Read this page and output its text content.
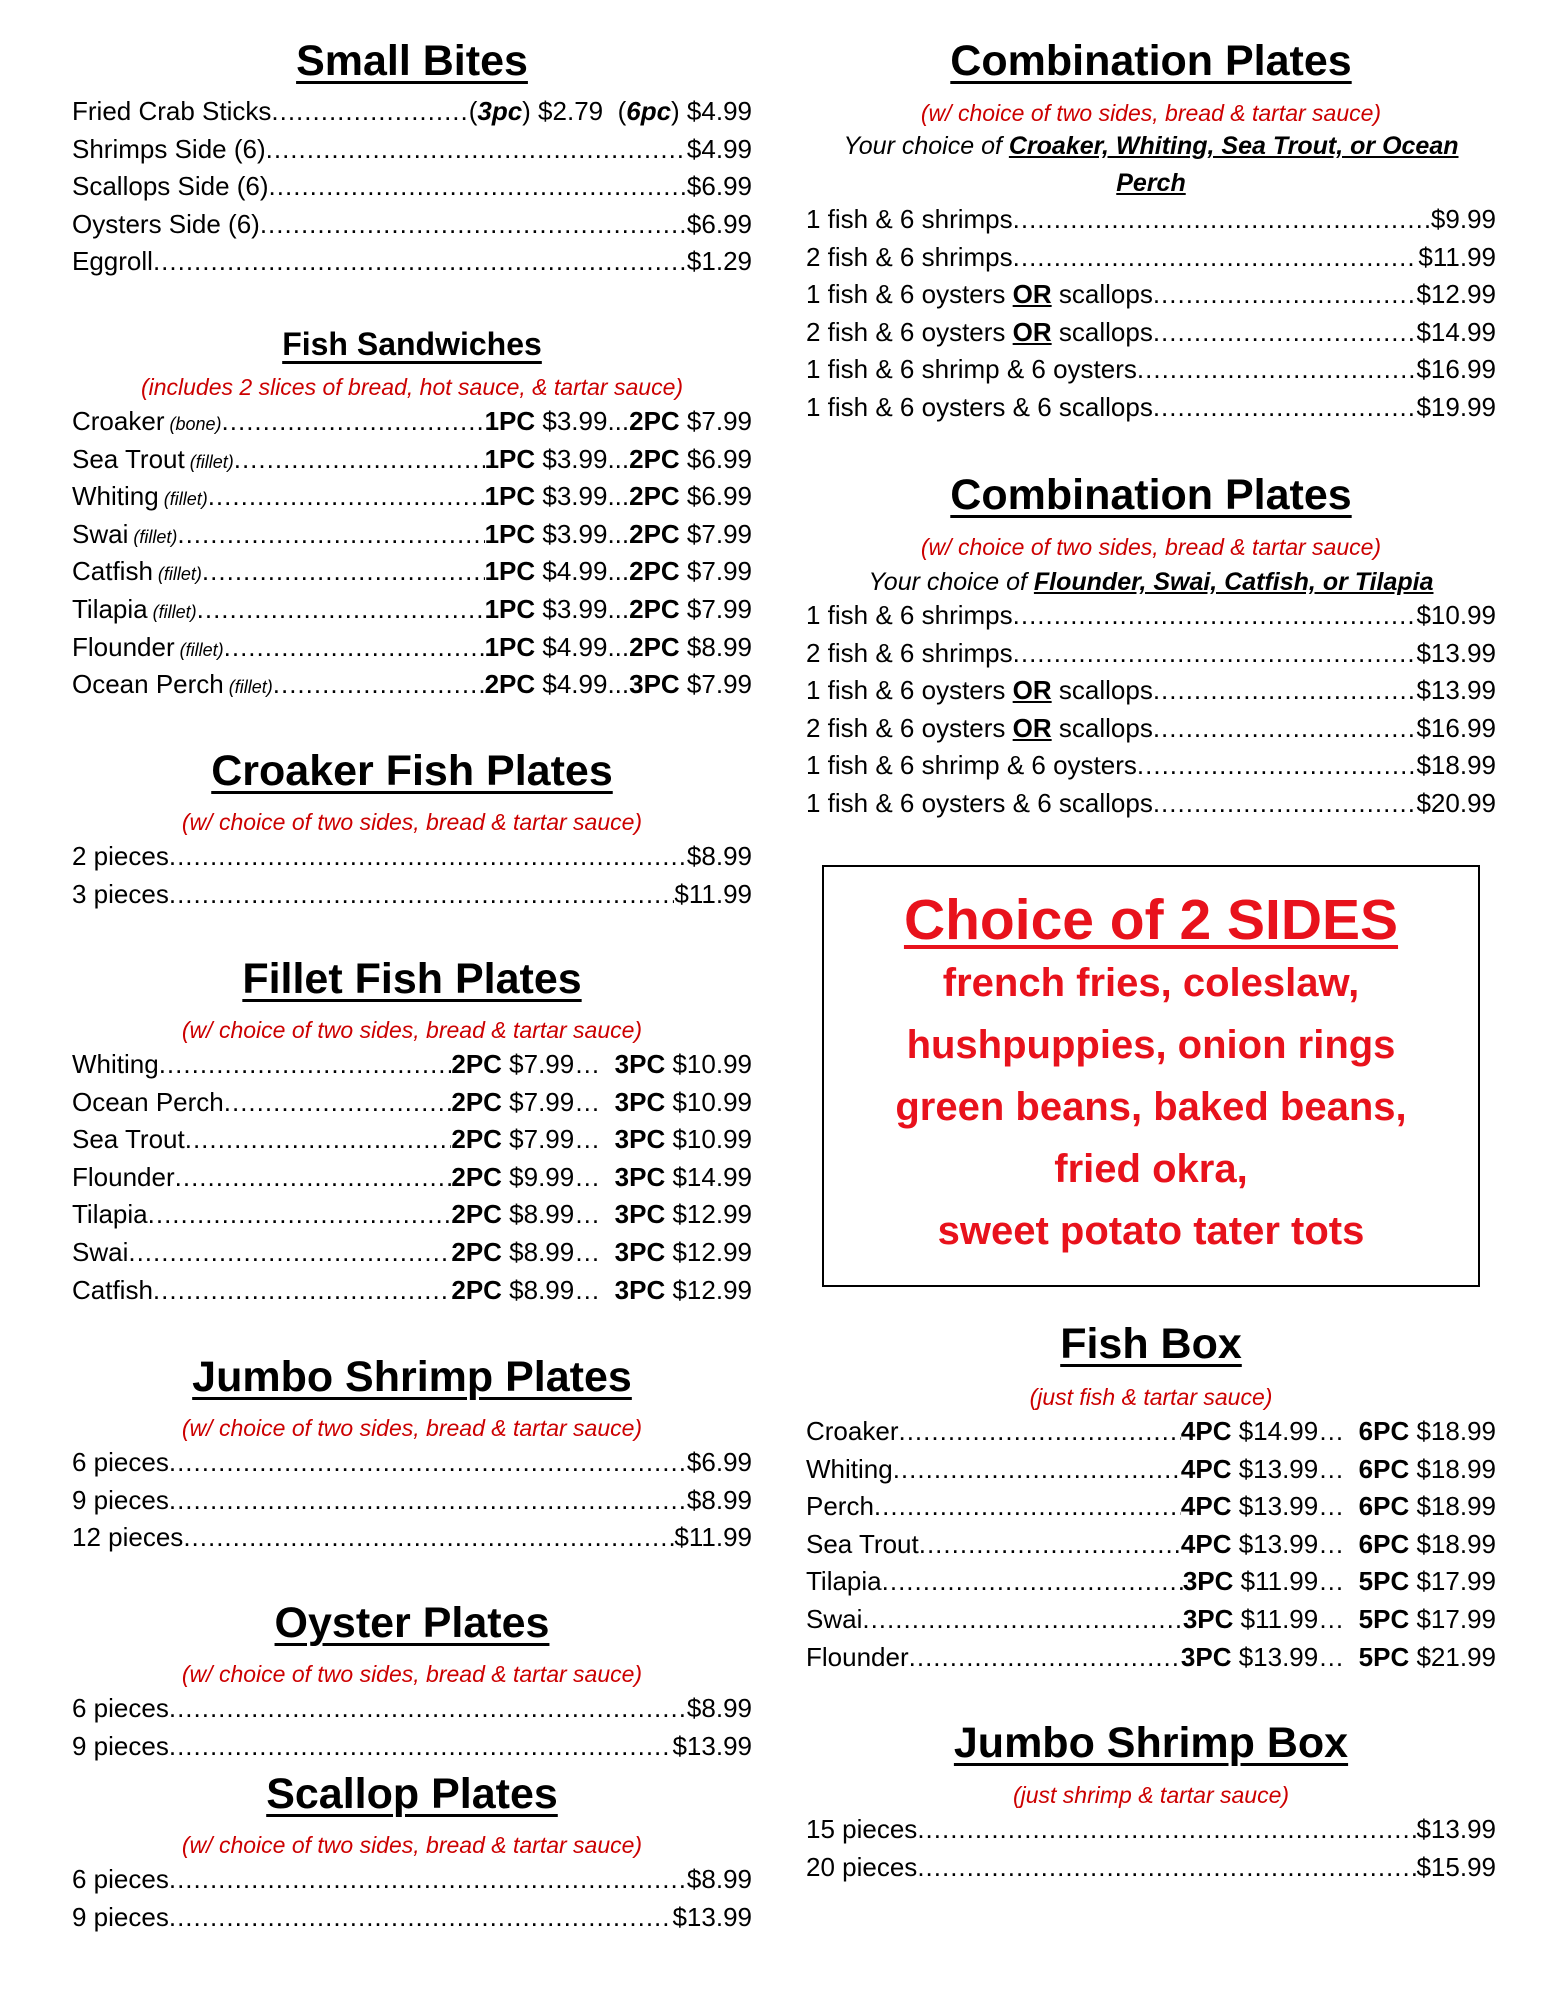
Small Bites
Fried Crab Sticks .....	(3pc) $2.79  (6pc) $4.99
Shrimps Side (6) .....	$4.99
Scallops Side (6) .....	$6.99
Oysters Side (6) .....	$6.99
Eggroll .....	$1.29
Fish Sandwiches
(includes 2 slices of bread, hot sauce, & tartar sauce)
Croaker (bone) .....	1PC $3.99...2PC $7.99
Sea Trout (fillet) .....	1PC $3.99...2PC $6.99
Whiting (fillet) .....	1PC $3.99...2PC $6.99
Swai (fillet) .....	1PC $3.99...2PC $7.99
Catfish (fillet) .....	1PC $4.99...2PC $7.99
Tilapia (fillet) .....	1PC $3.99...2PC $7.99
Flounder (fillet) .....	1PC $4.99...2PC $8.99
Ocean Perch (fillet) .....	2PC $4.99...3PC $7.99
Croaker Fish Plates
(w/ choice of two sides, bread & tartar sauce)
2 pieces .....	$8.99
3 pieces .....	$11.99
Fillet Fish Plates
(w/ choice of two sides, bread & tartar sauce)
Whiting .....	2PC $7.99…  3PC $10.99
Ocean Perch .....	2PC $7.99…  3PC $10.99
Sea Trout .....	2PC $7.99…  3PC $10.99
Flounder .....	2PC $9.99…  3PC $14.99
Tilapia .....	2PC $8.99…  3PC $12.99
Swai .....	2PC $8.99…  3PC $12.99
Catfish .....	2PC $8.99…  3PC $12.99
Jumbo Shrimp Plates
(w/ choice of two sides, bread & tartar sauce)
6 pieces .....	$6.99
9 pieces .....	$8.99
12 pieces .....	$11.99
Oyster Plates
(w/ choice of two sides, bread & tartar sauce)
6 pieces .....	$8.99
9 pieces .....	$13.99
Scallop Plates
(w/ choice of two sides, bread & tartar sauce)
6 pieces .....	$8.99
9 pieces .....	$13.99
Combination Plates
(w/ choice of two sides, bread & tartar sauce)
Your choice of Croaker, Whiting, Sea Trout, or Ocean Perch
1 fish & 6 shrimps .....	$9.99
2 fish & 6 shrimps .....	$11.99
1 fish & 6 oysters OR scallops .....	$12.99
2 fish & 6 oysters OR scallops .....	$14.99
1 fish & 6 shrimp & 6 oysters .....	$16.99
1 fish & 6 oysters & 6 scallops .....	$19.99
Combination Plates
(w/ choice of two sides, bread & tartar sauce)
Your choice of Flounder, Swai, Catfish, or Tilapia
1 fish & 6 shrimps .....	$10.99
2 fish & 6 shrimps .....	$13.99
1 fish & 6 oysters OR scallops .....	$13.99
2 fish & 6 oysters OR scallops .....	$16.99
1 fish & 6 shrimp & 6 oysters .....	$18.99
1 fish & 6 oysters & 6 scallops .....	$20.99
Fish Box
(just fish & tartar sauce)
Croaker .....	4PC $14.99…  6PC $18.99
Whiting .....	4PC $13.99…  6PC $18.99
Perch .....	4PC $13.99…  6PC $18.99
Sea Trout .....	4PC $13.99…  6PC $18.99
Tilapia .....	3PC $11.99…  5PC $17.99
Swai .....	3PC $11.99…  5PC $17.99
Flounder .....	3PC $13.99…  5PC $21.99
Jumbo Shrimp Box
(just shrimp & tartar sauce)
15 pieces .....	$13.99
20 pieces .....	$15.99
Choice of 2 SIDES
french fries, coleslaw,
hushpuppies, onion rings
green beans, baked beans,
fried okra,
sweet potato tater tots
